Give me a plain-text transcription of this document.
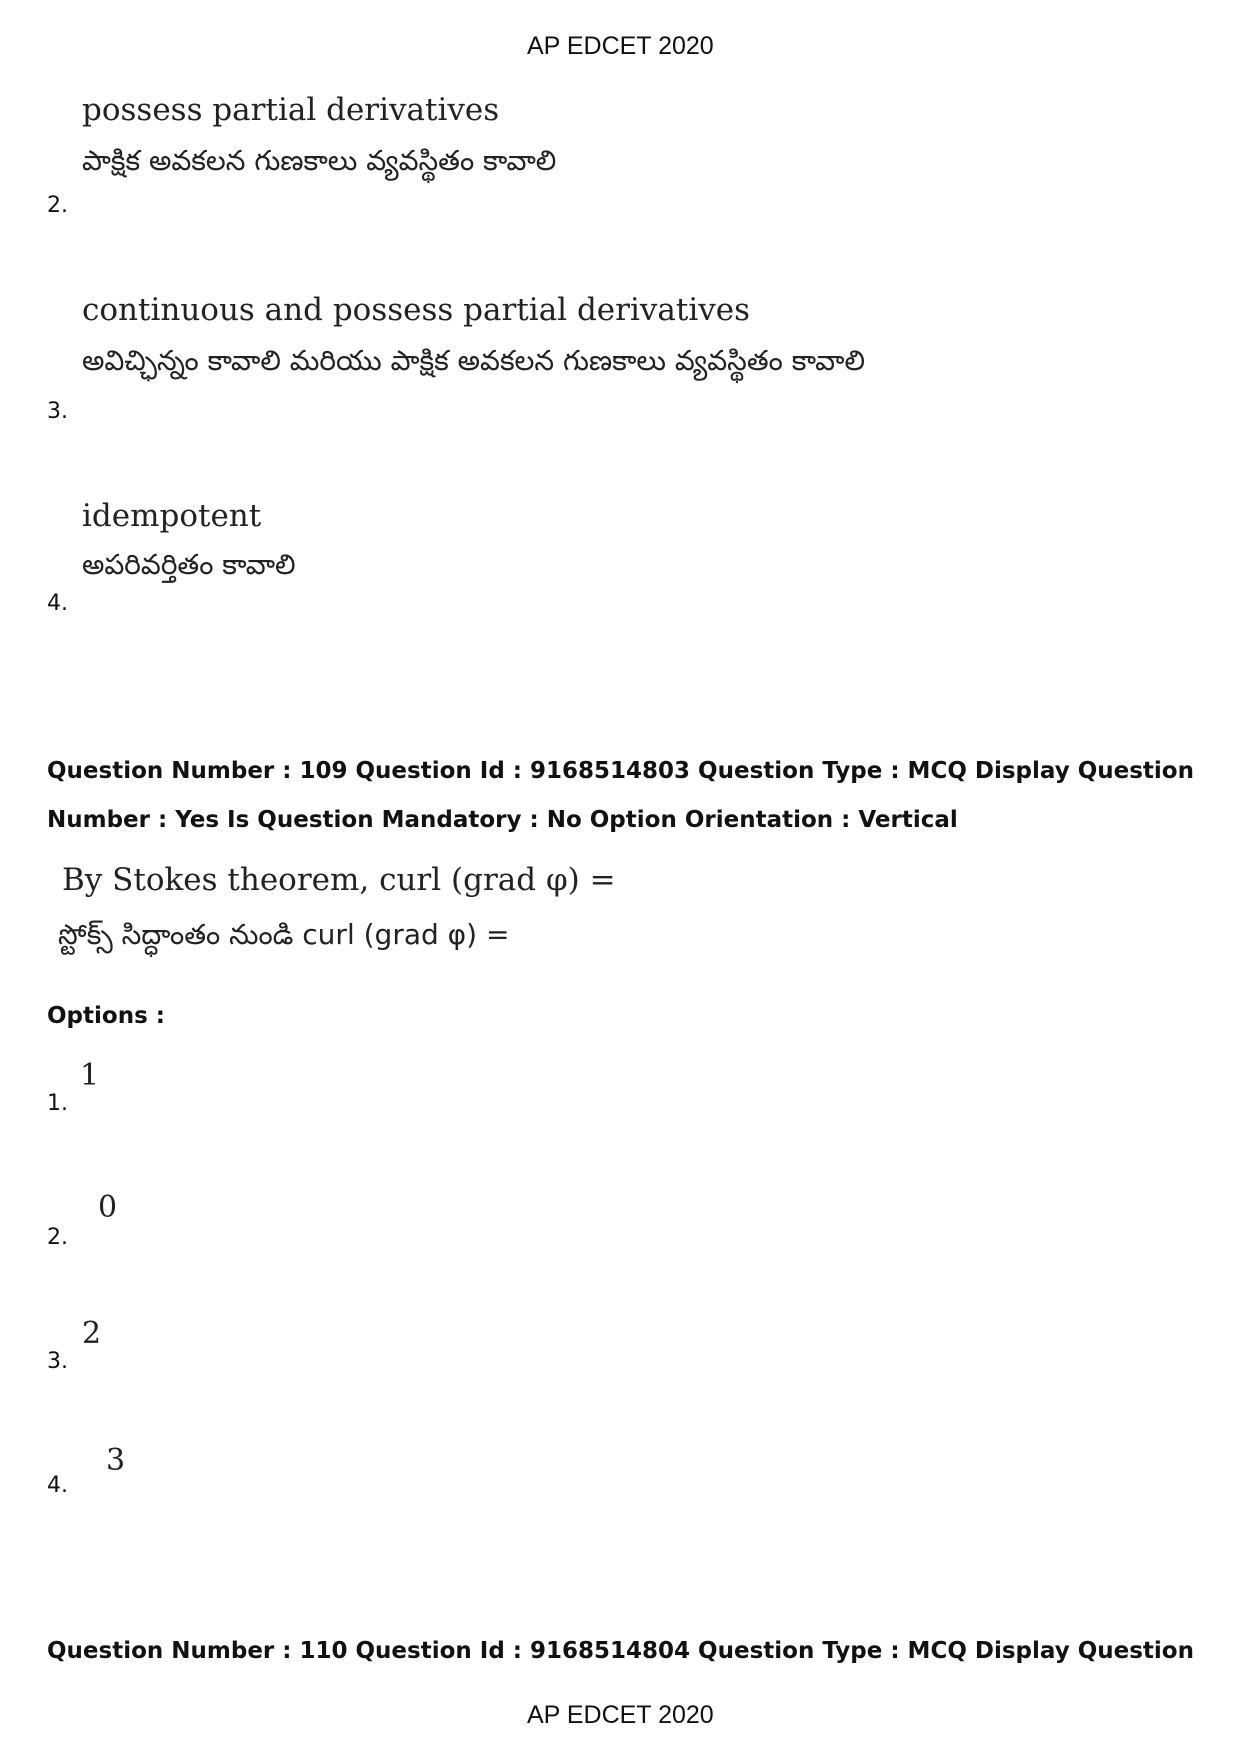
AP EDCET 2020
possess partial derivatives
పాక్షిక అవకలన గుణకాలు వ్యవస్థితం కావాలి
2.
continuous and possess partial derivatives
అవిచ్ఛిన్నం కావాలి మరియు పాక్షిక అవకలన గుణకాలు వ్యవస్థితం కావాలి
3.
idempotent
అపరివర్తితం కావాలి
4.
Question Number : 109 Question Id : 9168514803 Question Type : MCQ Display Question
Number : Yes Is Question Mandatory : No Option Orientation : Vertical
By Stokes theorem, curl (grad φ) =
స్టోక్స్ సిద్ధాంతం నుండి curl (grad φ) =
Options :
1
1.
0
2.
2
3.
3
4.
Question Number : 110 Question Id : 9168514804 Question Type : MCQ Display Question
AP EDCET 2020
